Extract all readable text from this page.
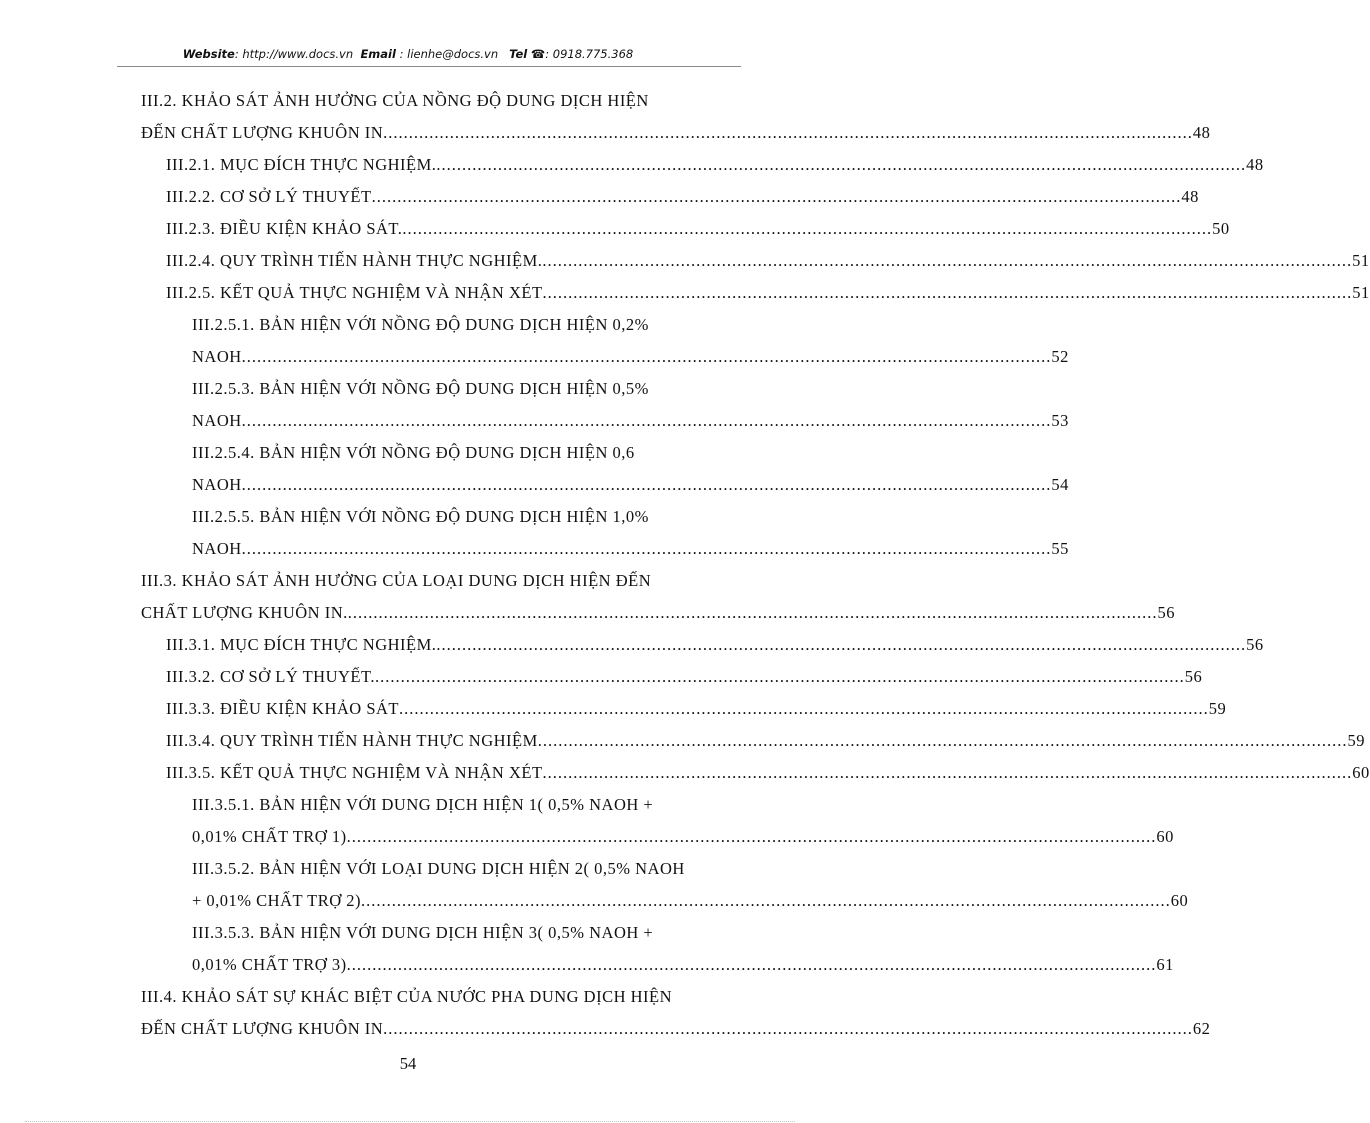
Website: http://www.docs.vn Email : lienhe@docs.vn Tel ☎: 0918.775.368
III.2. KHẢO SÁT ẢNH HƯỞNG CỦA NỒNG ĐỘ DUNG DỊCH HIỆN
ĐẾN CHẤT LƯỢNG KHUÔN IN .............................................................................................................................................................. 48
III.2.1. MỤC ĐÍCH THỰC NGHIỆM. .............................................................................................................................................................. 48
III.2.2. CƠ SỞ LÝ THUYẾT .............................................................................................................................................................. 48
III.2.3. ĐIỀU KIỆN KHẢO SÁT. .............................................................................................................................................................. 50
III.2.4. QUY TRÌNH TIẾN HÀNH THỰC NGHIỆM. .............................................................................................................................................................. 51
III.2.5. KẾT QUẢ THỰC NGHIỆM VÀ NHẬN XÉT .............................................................................................................................................................. 51
III.2.5.1. BẢN HIỆN VỚI NỒNG ĐỘ DUNG DỊCH HIỆN 0,2%
NAOH .............................................................................................................................................................. 52
III.2.5.3. BẢN HIỆN VỚI NỒNG ĐỘ DUNG DỊCH HIỆN 0,5%
NAOH .............................................................................................................................................................. 53
III.2.5.4. BẢN HIỆN VỚI NỒNG ĐỘ DUNG DỊCH HIỆN 0,6
NAOH .............................................................................................................................................................. 54
III.2.5.5. BẢN HIỆN VỚI NỒNG ĐỘ DUNG DỊCH HIỆN 1,0%
NAOH .............................................................................................................................................................. 55
III.3. KHẢO SÁT ẢNH HƯỞNG CỦA LOẠI DUNG DỊCH HIỆN ĐẾN
CHẤT LƯỢNG KHUÔN IN. .............................................................................................................................................................. 56
III.3.1. MỤC ĐÍCH THỰC NGHIỆM. .............................................................................................................................................................. 56
III.3.2. CƠ SỞ LÝ THUYẾT. .............................................................................................................................................................. 56
III.3.3. ĐIỀU KIỆN KHẢO SÁT .............................................................................................................................................................. 59
III.3.4. QUY TRÌNH TIẾN HÀNH THỰC NGHIỆM .............................................................................................................................................................. 59
III.3.5. KẾT QUẢ THỰC NGHIỆM VÀ NHẬN XÉT .............................................................................................................................................................. 60
III.3.5.1. BẢN HIỆN VỚI DUNG DỊCH HIỆN 1( 0,5% NAOH +
0,01% CHẤT TRỢ 1) .............................................................................................................................................................. 60
III.3.5.2. BẢN HIỆN VỚI LOẠI DUNG DỊCH HIỆN 2( 0,5% NAOH
+ 0,01% CHẤT TRỢ 2) .............................................................................................................................................................. 60
III.3.5.3. BẢN HIỆN VỚI DUNG DỊCH HIỆN 3( 0,5% NAOH +
0,01% CHẤT TRỢ 3) .............................................................................................................................................................. 61
III.4. KHẢO SÁT SỰ KHÁC BIỆT CỦA NƯỚC PHA DUNG DỊCH HIỆN
ĐẾN CHẤT LƯỢNG KHUÔN IN .............................................................................................................................................................. 62
54
